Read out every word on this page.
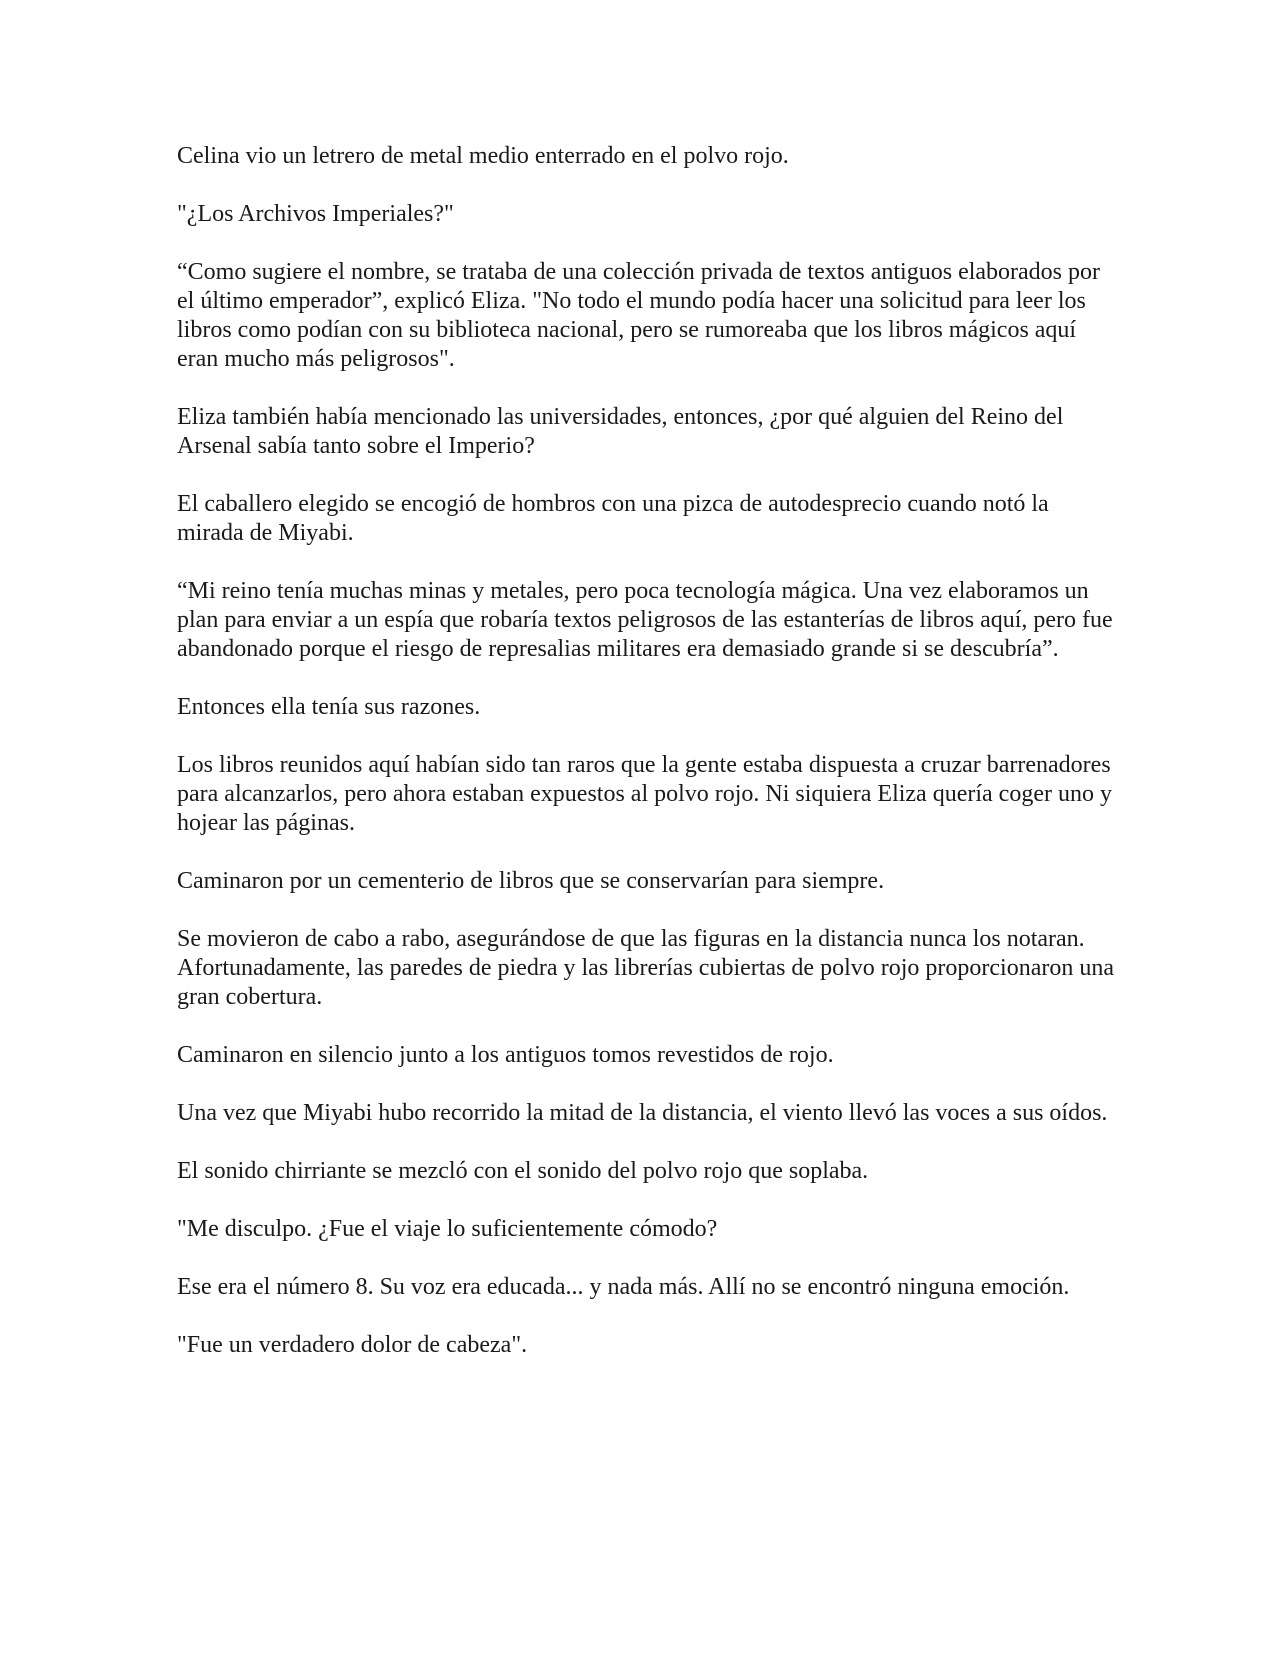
Celina vio un letrero de metal medio enterrado en el polvo rojo.

"¿Los Archivos Imperiales?"

“Como sugiere el nombre, se trataba de una colección privada de textos antiguos elaborados por el último emperador”, explicó Eliza. "No todo el mundo podía hacer una solicitud para leer los libros como podían con su biblioteca nacional, pero se rumoreaba que los libros mágicos aquí eran mucho más peligrosos".

Eliza también había mencionado las universidades, entonces, ¿por qué alguien del Reino del Arsenal sabía tanto sobre el Imperio?

El caballero elegido se encogió de hombros con una pizca de autodesprecio cuando notó la mirada de Miyabi.

“Mi reino tenía muchas minas y metales, pero poca tecnología mágica. Una vez elaboramos un plan para enviar a un espía que robaría textos peligrosos de las estanterías de libros aquí, pero fue abandonado porque el riesgo de represalias militares era demasiado grande si se descubría”.

Entonces ella tenía sus razones.

Los libros reunidos aquí habían sido tan raros que la gente estaba dispuesta a cruzar barrenadores para alcanzarlos, pero ahora estaban expuestos al polvo rojo. Ni siquiera Eliza quería coger uno y hojear las páginas.

Caminaron por un cementerio de libros que se conservarían para siempre.

Se movieron de cabo a rabo, asegurándose de que las figuras en la distancia nunca los notaran. Afortunadamente, las paredes de piedra y las librerías cubiertas de polvo rojo proporcionaron una gran cobertura.

Caminaron en silencio junto a los antiguos tomos revestidos de rojo.

Una vez que Miyabi hubo recorrido la mitad de la distancia, el viento llevó las voces a sus oídos.

El sonido chirriante se mezcló con el sonido del polvo rojo que soplaba.

"Me disculpo. ¿Fue el viaje lo suficientemente cómodo?

Ese era el número 8. Su voz era educada... y nada más. Allí no se encontró ninguna emoción.

"Fue un verdadero dolor de cabeza".
